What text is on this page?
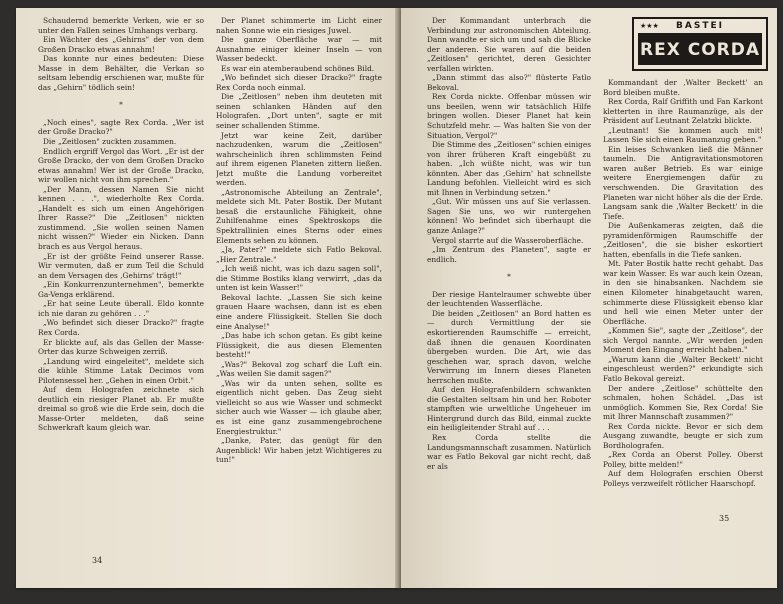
Schaudernd bemerkte Verken, wie er so unter den Fallen seines Umhangs verbarg.

Ein Wächter des „Gehirns" der von dem Großen Dracko etwas annahm!

Das konnte nur eines bedeuten: Diese Masse in dem Behälter, die Verkan so seltsam lebendig erschienen war, mußte für das „Gehirn" tödlich sein!

*

„Noch eines", sagte Rex Corda. „Wer ist der Große Dracko?"

Die „Zeitlosen" zuckten zusammen.

Endlich ergriff Vergol das Wort. „Er ist der Große Dracko, der von dem Großen Dracko etwas annahm! Wer ist der Große Dracko, wir wollen nicht von ihm sprechen."

„Der Mann, dessen Namen Sie nicht kennen . . .", wiederholte Rex Corda. „Handelt es sich um einen Angehörigen Ihrer Rasse?" Die „Zeitlosen" nickten zustimmend. „Sie wollen seinen Namen nicht wissen?" Wieder ein Nicken. Dann brach es aus Vergol heraus.

„Er ist der größte Feind unserer Rasse. Wir vermuten, daß er zum Teil die Schuld an dem Versagen des ‚Gehirns' trägt!"

„Ein Konkurrenzunternehmen", bemerkte Ga-Venga erklärend.

„Er hat seine Leute überall. Eldo konnte ich nie daran zu gehören . . ."

„Wo befindet sich dieser Dracko?" fragte Rex Corda.

Er blickte auf, als das Gellen der Masse-Orter das kurze Schweigen zerriß.

„Landung wird eingeleitet", meldete sich die kühle Stimme Latak Decimos vom Pilotensessel her. „Gehen in einen Orbit."

Auf dem Holografen zeichnete sich deutlich ein riesiger Planet ab. Er mußte dreimal so groß wie die Erde sein, doch die Masse-Orter meldeten, daß seine Schwerkraft kaum gleich war.

Der Planet schimmerte im Licht einer nahen Sonne wie ein riesiges Juwel.

Die ganze Oberfläche war — mit Ausnahme einiger kleiner Inseln — von Wasser bedeckt.

Es war ein atemberaubend schönes Bild.

„Wo befindet sich dieser Dracko?" fragte Rex Corda noch einmal.

Die „Zeitlosen" neben ihm deuteten mit seinen schlanken Händen auf den Holografen. „Dort unten", sagte er mit seiner schallenden Stimme.

Jetzt war keine Zeit, darüber nachzudenken, warum die „Zeitlosen" wahrscheinlich ihren schlimmsten Feind auf ihrem eigenen Planeten zittern ließen. Jetzt mußte die Landung vorbereitet werden.

„Astronomische Abteilung an Zentrale", meldete sich Mt. Pater Bostik. Der Mutant besaß die erstaunliche Fähigkeit, ohne Zuhilfenahme eines Spektroskops die Spektrallinien eines Sterns oder eines Elements sehen zu können.

„Ja, Pater?" meldete sich Fatlo Bekoval. „Hier Zentrale."

„Ich weiß nicht, was ich dazu sagen soll", die Stimme Bostiks klang verwirrt, „das da unten ist kein Wasser!"

Bekoval lachte. „Lassen Sie sich keine grauen Haare wachsen, dann ist es eben eine andere Flüssigkeit. Stellen Sie doch eine Analyse!"

„Das habe ich schon getan. Es gibt keine Flüssigkeit, die aus diesen Elementen besteht!"

„Was?" Bekoval zog scharf die Luft ein. „Was weilen Sie damit sagen?"

„Was wir da unten sehen, sollte es eigentlich nicht geben. Das Zeug sieht vielleicht so aus wie Wasser und schmeckt sicher auch wie Wasser — ich glaube aber, es ist eine ganz zusammengebrochene Energiestruktur."

„Danke, Pater, das genügt für den Augenblick! Wir haben jetzt Wichtigeres zu tun!"

34

Der Kommandant unterbrach die Verbindung zur astronomischen Abteilung. Dann wandte er sich um und sah die Blicke der anderen. Sie waren auf die beiden „Zeitlosen" gerichtet, deren Gesichter verfallen wirkten.

„Dann stimmt das also?" flüsterte Fatlo Bekoval.

Rex Corda nickte. Offenbar müssen wir uns beeilen, wenn wir tatsächlich Hilfe bringen wollen. Dieser Planet hat kein Schutzfeld mehr. — Was halten Sie von der Situation, Vergol?"

Die Stimme des „Zeitlosen" schien einiges von ihrer früheren Kraft eingebüßt zu haben. „Ich wüßte nicht, was wir tun könnten. Aber das ‚Gehirn' hat schnellste Landung befohlen. Vielleicht wird es sich mit Ihnen in Verbindung setzen."

„Gut. Wir müssen uns auf Sie verlassen. Sagen Sie uns, wo wir runtergehen können! Wo befindet sich überhaupt die ganze Anlage?"

Vergol starrte auf die Wasseroberfläche.

„Im Zentrum des Planeten", sagte er endlich.

*

Der riesige Hantelraumer schwebte über der leuchtenden Wasserfläche.

Die beiden „Zeitlosen" an Bord hatten es — durch Vermittlung der sie eskortierenden Raumschiffe — erreicht, daß ihnen die genauen Koordinaten übergeben wurden. Die Art, wie das geschehen war, sprach davon, welche Verwirrung im Innern dieses Planeten herrschen mußte.

Auf den Holografenbildern schwankten die Gestalten seltsam hin und her. Roboter stampften wie urweltliche Ungeheuer im Hintergrund durch das Bild, einmal zuckte ein heiligleitender Strahl auf . . .

Rex Corda stellte die Landungsmannschaft zusammen. Natürlich war es Fatlo Bekoval gar nicht recht, daß er als

★★★	BASTEI
REX CORDA

Kommandant der ‚Walter Beckett' an Bord bleiben mußte.

Rex Corda, Ralf Griffith und Fan Karkont kletterten in ihre Raumanzüge, als der Präsident auf Leutnant Zelatzki blickte.

„Leutnant! Sie kommen auch mit! Lassen Sie sich einen Raumanzug geben."

Ein leises Schwanken ließ die Männer taumeln. Die Antigravitationsmotoren waren außer Betrieb. Es war einige weitere Energiemengen dafür zu verschwenden. Die Gravitation des Planeten war nicht höher als die der Erde. Langsam sank die ‚Walter Beckett' in die Tiefe.

Die Außenkameras zeigten, daß die pyramidenförmigen Raumschiffe der „Zeitlosen", die sie bisher eskortiert hatten, ebenfalls in die Tiefe sanken.

Mt. Pater Bostik hatte recht gehabt. Das war kein Wasser. Es war auch kein Ozean, in den sie hinabsanken. Nachdem sie einen Kilometer hinabgetaucht waren, schimmerte diese Flüssigkeit ebenso klar und hell wie einen Meter unter der Oberfläche.

„Kommen Sie", sagte der „Zeitlose", der sich Vergol nannte. „Wir werden jeden Moment den Eingang erreicht haben."

„Warum kann die ‚Walter Beckett' nicht eingeschleust werden?" erkundigte sich Fatlo Bekoval gereizt.

Der andere „Zeitlose" schüttelte den schmalen, hohen Schädel. „Das ist unmöglich. Kommen Sie, Rex Corda! Sie mit Ihrer Mannschaft zusammen?"

Rex Corda nickte. Bevor er sich dem Ausgang zuwandte, beugte er sich zum Bordholografen.

„Rex Corda an Oberst Polley. Oberst Polley, bitte melden!"

Auf dem Holografen erschien Oberst Polleys verzweifelt rötlicher Haarschopf.

35
